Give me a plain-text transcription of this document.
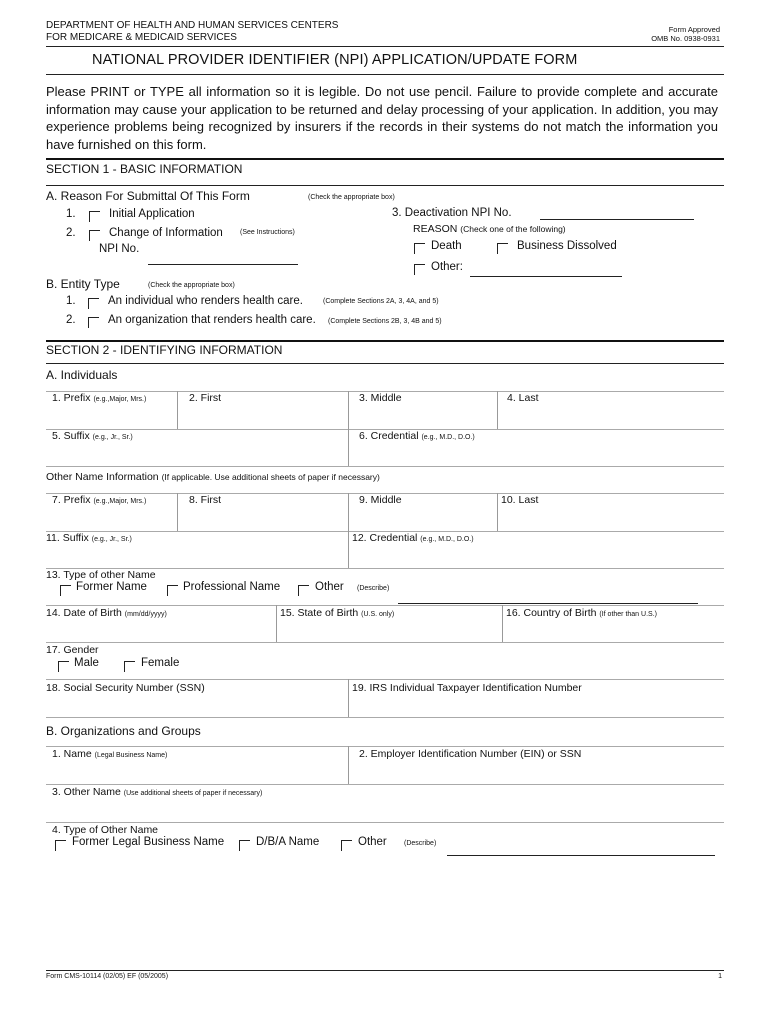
DEPARTMENT OF HEALTH AND HUMAN SERVICES CENTERS
FOR MEDICARE & MEDICAID SERVICES
Form Approved
OMB No. 0938-0931
NATIONAL PROVIDER IDENTIFIER (NPI) APPLICATION/UPDATE FORM
Please PRINT or TYPE all information so it is legible. Do not use pencil. Failure to provide complete and accurate information may cause your application to be returned and delay processing of your application. In addition, you may experience problems being recognized by insurers if the records in their systems do not match the information you have furnished on this form.
SECTION 1 - BASIC INFORMATION
A. Reason For Submittal Of This Form	(Check the appropriate box)
1.	Initial Application
2.	Change of Information (See Instructions)
NPI No.
3. Deactivation NPI No.
REASON (Check one of the following)
Death	Business Dissolved
Other:
B. Entity Type	(Check the appropriate box)
1.	An individual who renders health care.	(Complete Sections 2A, 3, 4A, and 5)
2.	An organization that renders health care. (Complete Sections 2B, 3, 4B and 5)
SECTION 2 - IDENTIFYING INFORMATION
A. Individuals
1. Prefix (e.g.,Major, Mrs.)	2. First	3. Middle	4. Last
5. Suffix (e.g., Jr., Sr.)	6. Credential (e.g., M.D., D.O.)
Other Name Information (If applicable. Use additional sheets of paper if necessary)
7. Prefix (e.g.,Major, Mrs.)	8. First	9. Middle	10. Last
11. Suffix (e.g., Jr., Sr.)	12. Credential (e.g., M.D., D.O.)
13. Type of other Name
Former Name	Professional Name	Other (Describe)
14. Date of Birth (mm/dd/yyyy)	15. State of Birth (U.S. only)	16. Country of Birth (If other than U.S.)
17. Gender
Male	Female
18. Social Security Number (SSN)	19. IRS Individual Taxpayer Identification Number
B. Organizations and Groups
1. Name (Legal Business Name)	2. Employer Identification Number (EIN) or SSN
3. Other Name (Use additional sheets of paper if necessary)
4. Type of Other Name
Former Legal Business Name	D/B/A Name	Other (Describe)
Form CMS-10114 (02/05) EF (05/2005)	1
